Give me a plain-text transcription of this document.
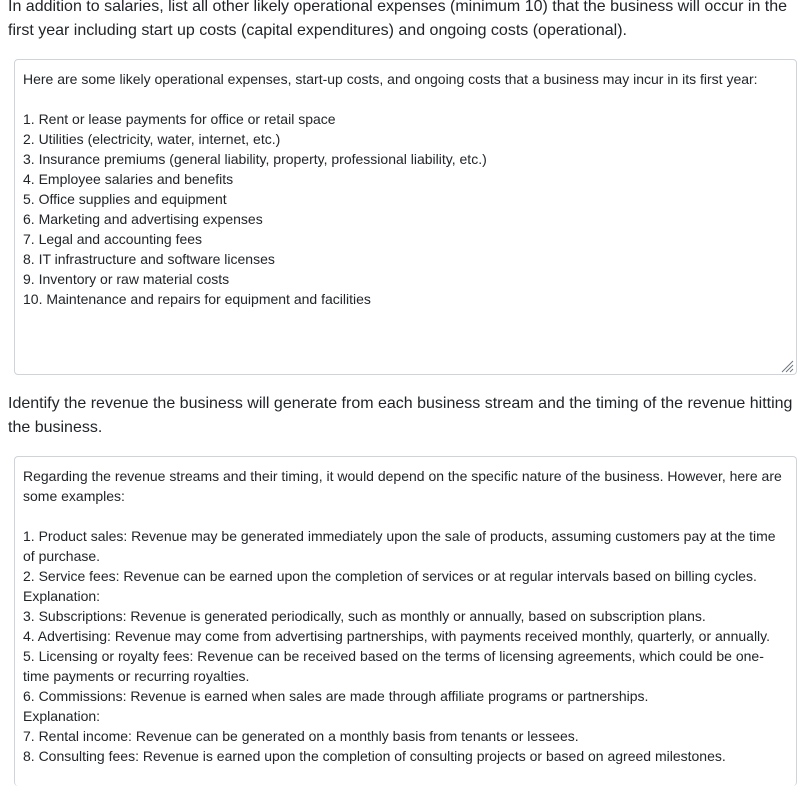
In addition to salaries, list all other likely operational expenses (minimum 10) that the business will occur in the first year including start up costs (capital expenditures) and ongoing costs (operational).
Here are some likely operational expenses, start-up costs, and ongoing costs that a business may incur in its first year:
1. Rent or lease payments for office or retail space
2. Utilities (electricity, water, internet, etc.)
3. Insurance premiums (general liability, property, professional liability, etc.)
4. Employee salaries and benefits
5. Office supplies and equipment
6. Marketing and advertising expenses
7. Legal and accounting fees
8. IT infrastructure and software licenses
9. Inventory or raw material costs
10. Maintenance and repairs for equipment and facilities
Identify the revenue the business will generate from each business stream and the timing of the revenue hitting the business.
Regarding the revenue streams and their timing, it would depend on the specific nature of the business. However, here are some examples:
1. Product sales: Revenue may be generated immediately upon the sale of products, assuming customers pay at the time of purchase.
2. Service fees: Revenue can be earned upon the completion of services or at regular intervals based on billing cycles.
Explanation:
3. Subscriptions: Revenue is generated periodically, such as monthly or annually, based on subscription plans.
4. Advertising: Revenue may come from advertising partnerships, with payments received monthly, quarterly, or annually.
5. Licensing or royalty fees: Revenue can be received based on the terms of licensing agreements, which could be one-time payments or recurring royalties.
6. Commissions: Revenue is earned when sales are made through affiliate programs or partnerships.
Explanation:
7. Rental income: Revenue can be generated on a monthly basis from tenants or lessees.
8. Consulting fees: Revenue is earned upon the completion of consulting projects or based on agreed milestones.
